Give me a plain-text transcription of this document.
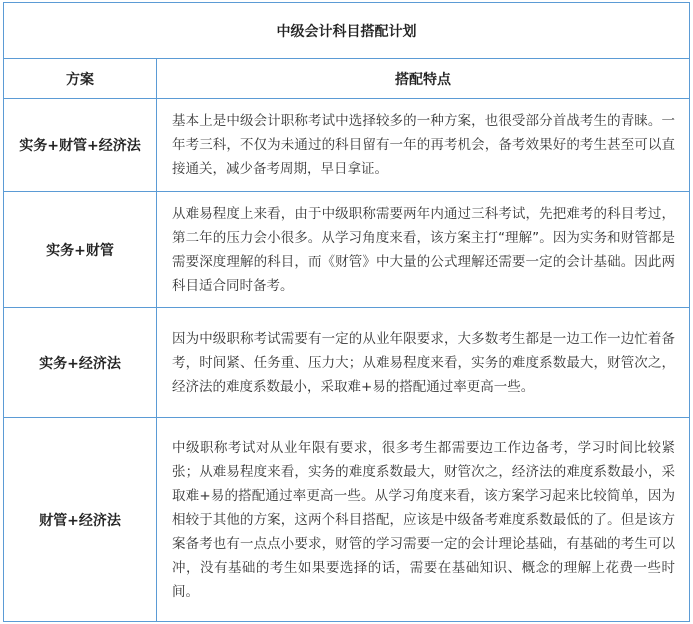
中级会计科目搭配计划	
方案	搭配特点
实务+财管+经济法	基本上是中级会计职称考试中选择较多的一种方案，也很受部分首战考生的青睐。一年考三科，不仅为未通过的科目留有一年的再考机会，备考效果好的考生甚至可以直接通关，减少备考周期，早日拿证。
实务+财管	从难易程度上来看，由于中级职称需要两年内通过三科考试，先把难考的科目考过，第二年的压力会小很多。从学习角度来看，该方案主打“理解”。因为实务和财管都是需要深度理解的科目，而《财管》中大量的公式理解还需要一定的会计基础。因此两科目适合同时备考。
实务+经济法	因为中级职称考试需要有一定的从业年限要求，大多数考生都是一边工作一边忙着备考，时间紧、任务重、压力大；从难易程度来看，实务的难度系数最大，财管次之，经济法的难度系数最小，采取难+易的搭配通过率更高一些。
财管+经济法	中级职称考试对从业年限有要求，很多考生都需要边工作边备考，学习时间比较紧张；从难易程度来看，实务的难度系数最大，财管次之，经济法的难度系数最小，采取难+易的搭配通过率更高一些。从学习角度来看，该方案学习起来比较简单，因为相较于其他的方案，这两个科目搭配，应该是中级备考难度系数最低的了。但是该方案备考也有一点点小要求，财管的学习需要一定的会计理论基础，有基础的考生可以冲，没有基础的考生如果要选择的话，需要在基础知识、概念的理解上花费一些时间。
